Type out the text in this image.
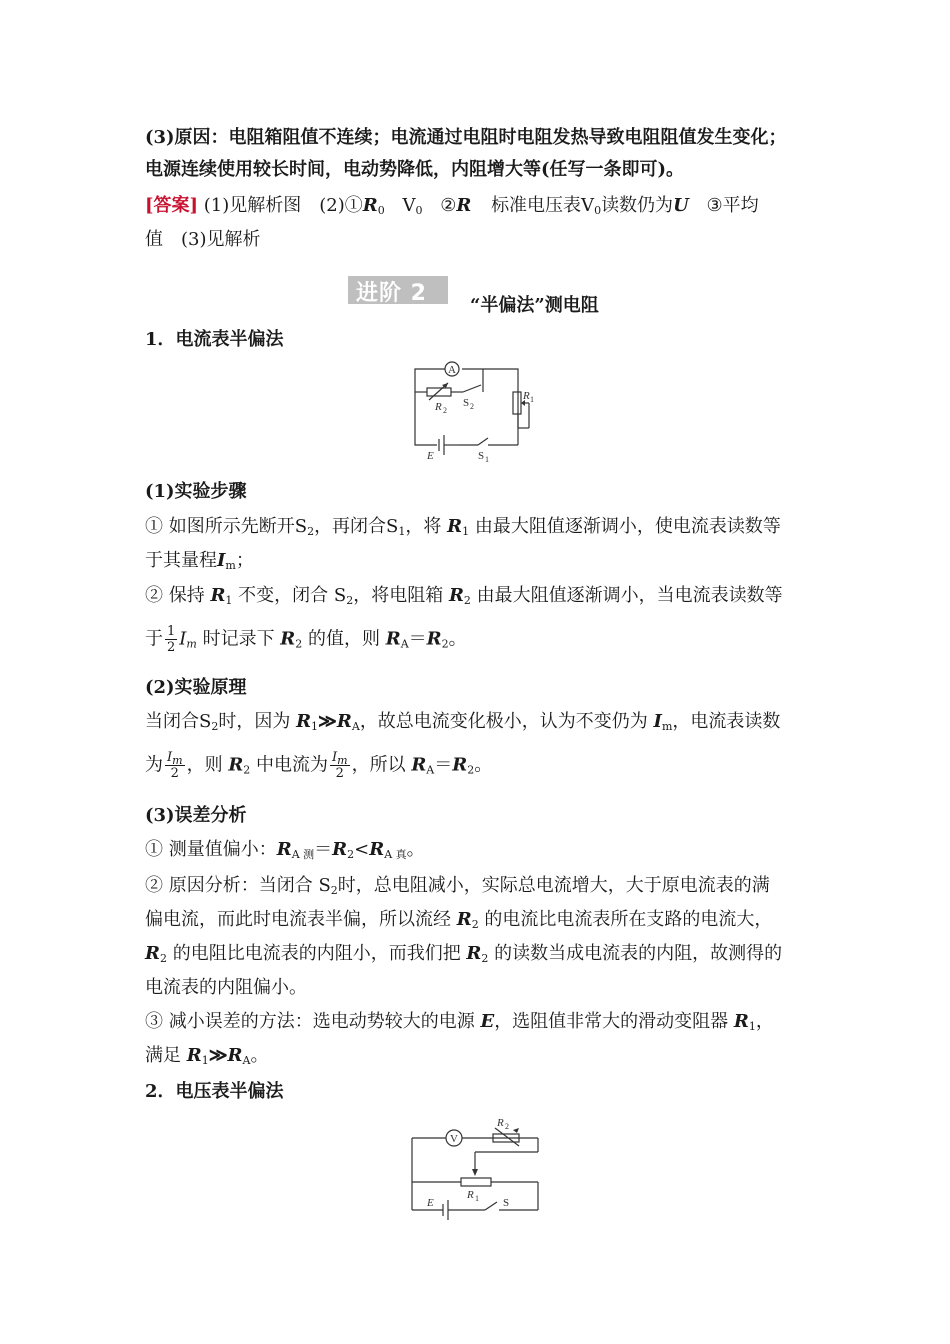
(3)原因：电阻箱阻值不连续；电流通过电阻时电阻发热导致电阻阻值发生变化；
电源连续使用较长时间，电动势降低，内阻增大等(任写一条即可)。
[答案] (1)见解析图　$(2)①R_0$ $V_0$ ②R 标准电压表$V_0$读数仍为U ③平均
值　(3)见解析
进阶 2 “半偏法”测电阻
1．电流表半偏法
A
R 2
S 2
R 1
E	S 1
(1)实验步骤
① 如图所示先断开$S_2$，再闭合$S_1$，将 $R_1$ 由最大阻值逐渐调小，使电流表读数等
于其量程$I_m$；
② 保持 $R_1$ 不变，闭合 $S_2$，将电阻箱 $R_2$ 由最大阻值逐渐调小，当电流表读数等
于 $\frac{1}{2} I_m$ 时记录下 $R_2$ 的值，则 $R_A=R_2$。
(2)实验原理
当闭合$S_2$时，因为 $R_1≫R_A$，故总电流变化极小，认为不变仍为 $I_m$，电流表读数
为 $\frac{I_m}{2}$ ，则 $R_2$ 中电流为 $\frac{I_m}{2}$ ，所以 $R_A=R_2$。
(3)误差分析
① 测量值偏小：$R_{A 测}=R_2<R_{A 真}$。
② 原因分析：当闭合 $S_2$时，总电阻减小，实际总电流增大，大于原电流表的满
偏电流，而此时电流表半偏，所以流经 $R_2$ 的电流比电流表所在支路的电流大，
$R_2$ 的电阻比电流表的内阻小，而我们把 $R_2$ 的读数当成电流表的内阻，故测得的
电流表的内阻偏小。
③ 减小误差的方法：选电动势较大的电源 E，选阻值非常大的滑动变阻器 $R_1$，
满足 $R_1≫R_A$。
2．电压表半偏法
V
R 2
R 1
E	S
